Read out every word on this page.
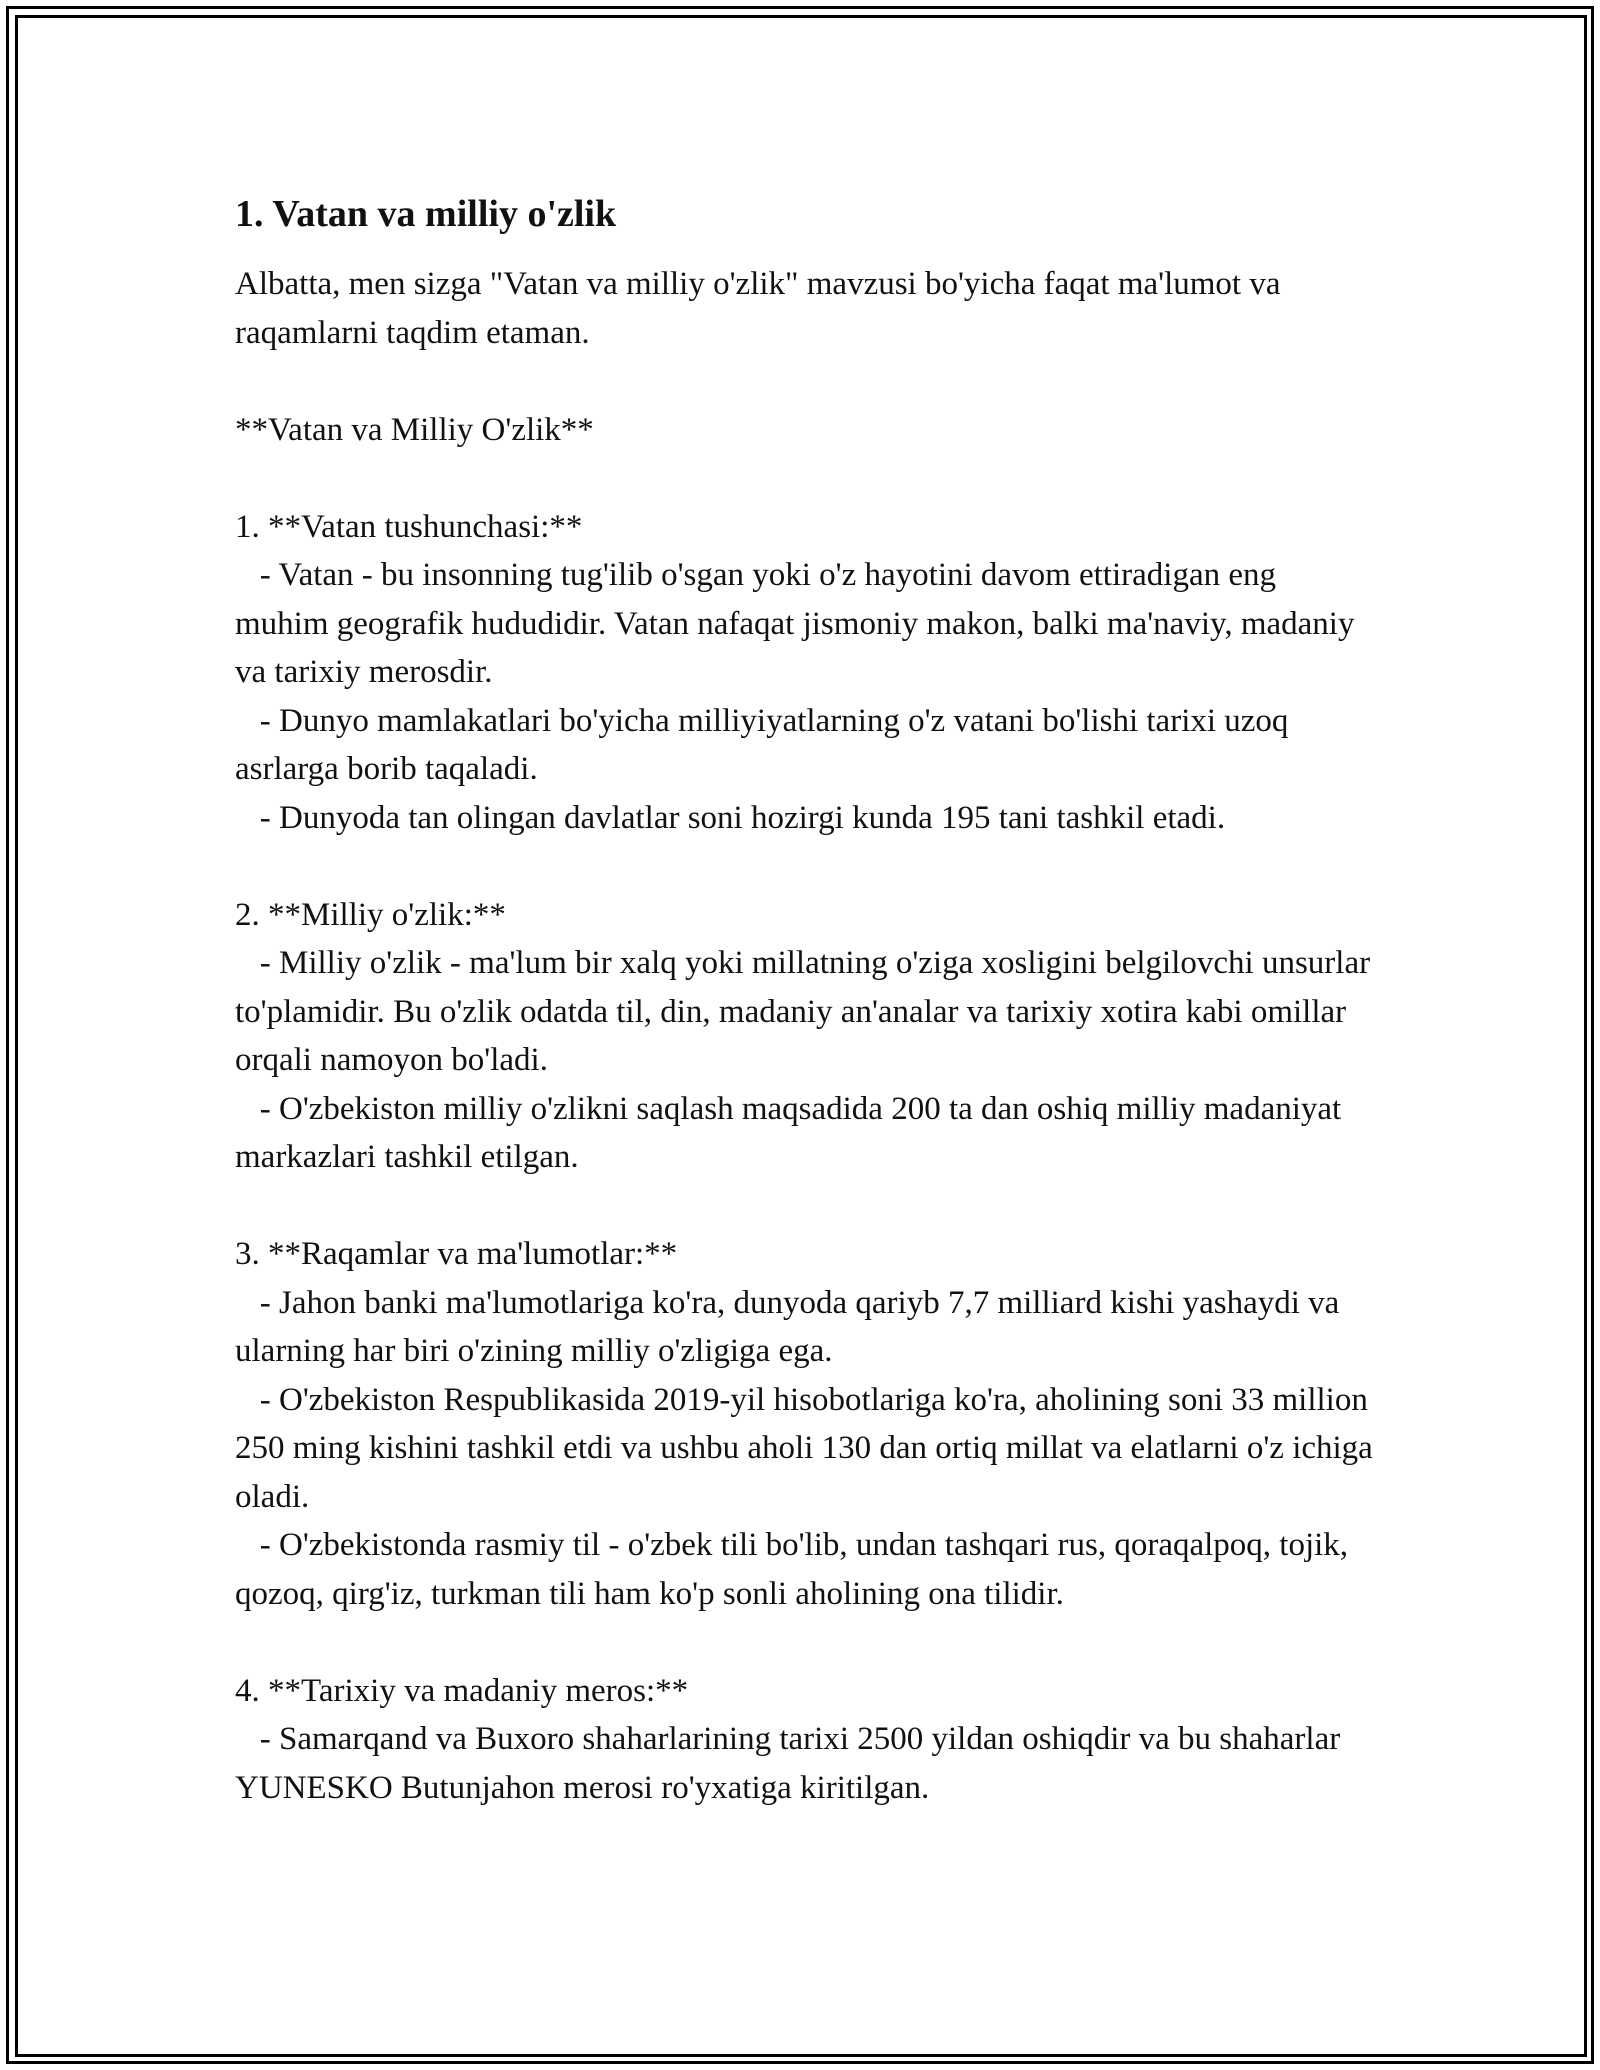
1. Vatan va milliy o'zlik

Albatta, men sizga "Vatan va milliy o'zlik" mavzusi bo'yicha faqat ma'lumot va raqamlarni taqdim etaman.

**Vatan va Milliy O'zlik**

1. **Vatan tushunchasi:**

- Vatan - bu insonning tug'ilib o'sgan yoki o'z hayotini davom ettiradigan eng muhim geografik hududidir. Vatan nafaqat jismoniy makon, balki ma'naviy, madaniy va tarixiy merosdir.

- Dunyo mamlakatlari bo'yicha milliyiyatlarning o'z vatani bo'lishi tarixi uzoq asrlarga borib taqaladi.

- Dunyoda tan olingan davlatlar soni hozirgi kunda 195 tani tashkil etadi.

2. **Milliy o'zlik:**

- Milliy o'zlik - ma'lum bir xalq yoki millatning o'ziga xosligini belgilovchi unsurlar to'plamidir. Bu o'zlik odatda til, din, madaniy an'analar va tarixiy xotira kabi omillar orqali namoyon bo'ladi.

- O'zbekiston milliy o'zlikni saqlash maqsadida 200 ta dan oshiq milliy madaniyat markazlari tashkil etilgan.

3. **Raqamlar va ma'lumotlar:**

- Jahon banki ma'lumotlariga ko'ra, dunyoda qariyb 7,7 milliard kishi yashaydi va ularning har biri o'zining milliy o'zligiga ega.

- O'zbekiston Respublikasida 2019-yil hisobotlariga ko'ra, aholining soni 33 million 250 ming kishini tashkil etdi va ushbu aholi 130 dan ortiq millat va elatlarni o'z ichiga oladi.

- O'zbekistonda rasmiy til - o'zbek tili bo'lib, undan tashqari rus, qoraqalpoq, tojik, qozoq, qirg'iz, turkman tili ham ko'p sonli aholining ona tilidir.

4. **Tarixiy va madaniy meros:**

- Samarqand va Buxoro shaharlarining tarixi 2500 yildan oshiqdir va bu shaharlar YUNESKO Butunjahon merosi ro'yxatiga kiritilgan.
